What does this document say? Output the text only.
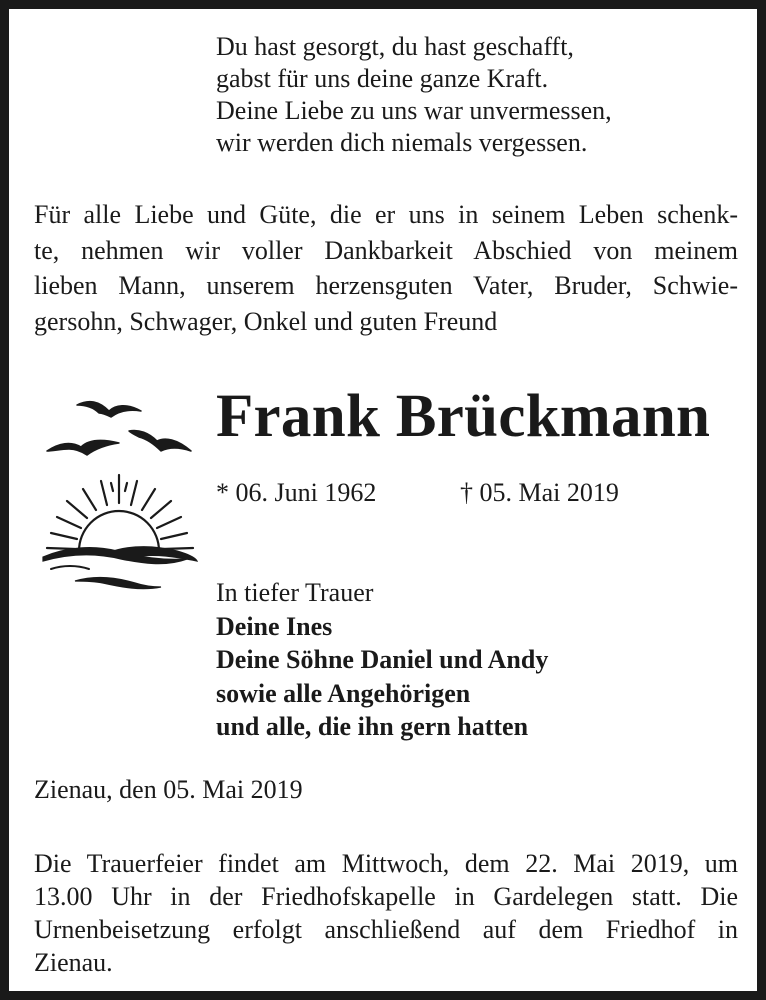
Du hast gesorgt, du hast geschafft,
gabst für uns deine ganze Kraft.
Deine Liebe zu uns war unvermessen,
wir werden dich niemals vergessen.
Für alle Liebe und Güte, die er uns in seinem Leben schenk-
te, nehmen wir voller Dankbarkeit Abschied von meinem
lieben Mann, unserem herzensguten Vater, Bruder, Schwie-
gersohn, Schwager, Onkel und guten Freund
Frank Brückmann
* 06. Juni 1962	† 05. Mai 2019
In tiefer Trauer
Deine Ines
Deine Söhne Daniel und Andy
sowie alle Angehörigen
und alle, die ihn gern hatten
Zienau, den 05. Mai 2019
Die Trauerfeier findet am Mittwoch, dem 22. Mai 2019, um
13.00 Uhr in der Friedhofskapelle in Gardelegen statt. Die
Urnenbeisetzung erfolgt anschließend auf dem Friedhof in
Zienau.
